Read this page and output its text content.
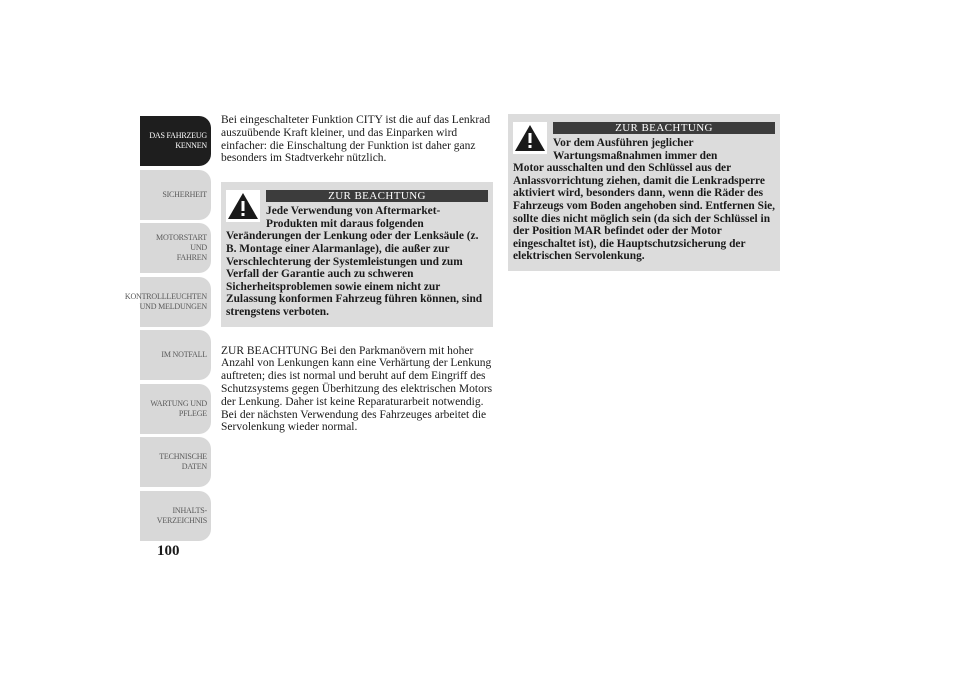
DAS FAHRZEUG
KENNEN
SICHERHEIT
MOTORSTART UND
FAHREN
KONTROLLLEUCHTEN
UND MELDUNGEN
IM NOTFALL
WARTUNG UND
PFLEGE
TECHNISCHE
DATEN
INHALTS-
VERZEICHNIS
100

Bei eingeschalteter Funktion CITY ist die auf das Lenkrad auszuübende Kraft kleiner, und das Einparken wird einfacher: die Einschaltung der Funktion ist daher ganz besonders im Stadtverkehr nützlich.

ZUR BEACHTUNG
Jede Verwendung von Aftermarket-Produkten mit daraus folgenden

Veränderungen der Lenkung oder der Lenksäule (z. B. Montage einer Alarmanlage), die außer zur Verschlechterung der Systemleistungen und zum Verfall der Garantie auch zu schweren Sicherheitsproblemen sowie einem nicht zur Zulassung konformen Fahrzeug führen können, sind strengstens verboten.

ZUR BEACHTUNG Bei den Parkmanövern mit hoher Anzahl von Lenkungen kann eine Verhärtung der Lenkung auftreten; dies ist normal und beruht auf dem Eingriff des Schutzsystems gegen Überhitzung des elektrischen Motors der Lenkung. Daher ist keine Reparaturarbeit notwendig. Bei der nächsten Verwendung des Fahrzeuges arbeitet die Servolenkung wieder normal.

ZUR BEACHTUNG
Vor dem Ausführen jeglicher Wartungsmaßnahmen immer den

Motor ausschalten und den Schlüssel aus der Anlassvorrichtung ziehen, damit die Lenkradsperre aktiviert wird, besonders dann, wenn die Räder des Fahrzeugs vom Boden angehoben sind. Entfernen Sie, sollte dies nicht möglich sein (da sich der Schlüssel in der Position MAR befindet oder der Motor eingeschaltet ist), die Hauptschutzsicherung der elektrischen Servolenkung.
